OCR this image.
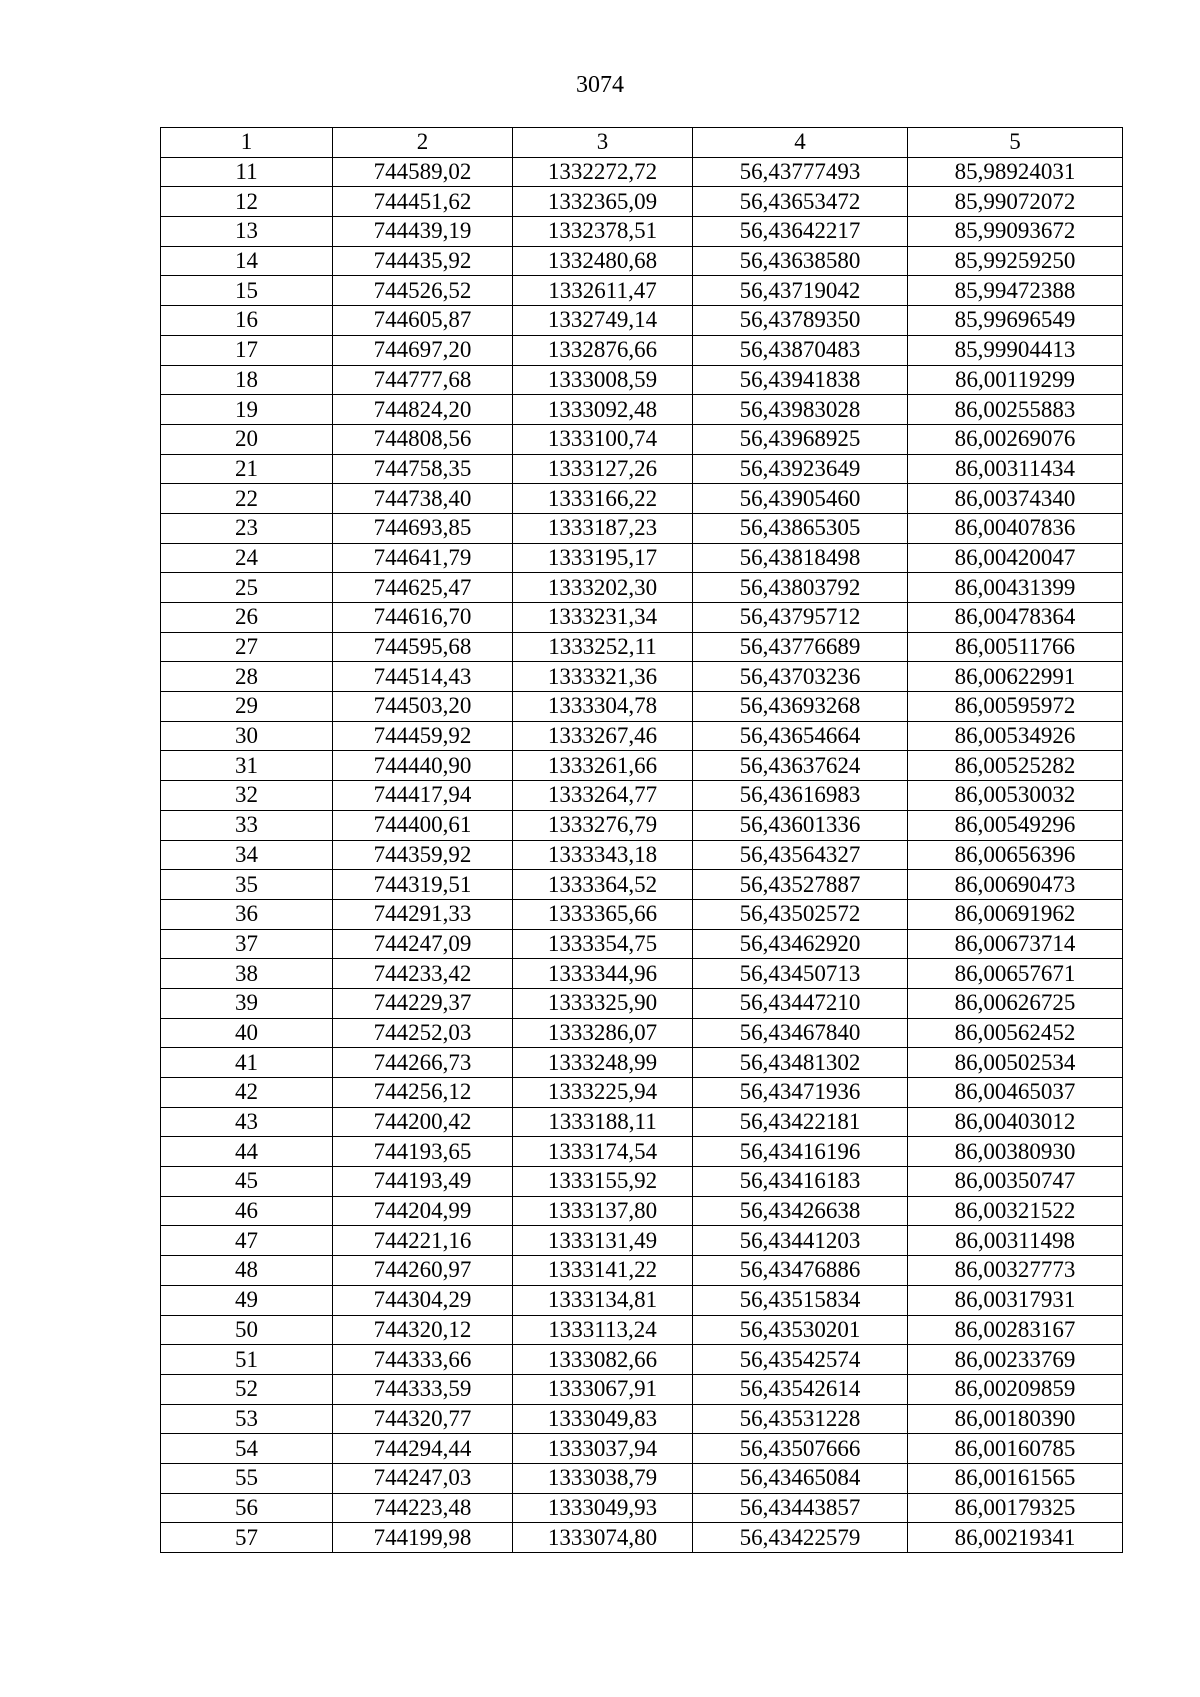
3074
1	2	3	4	5
11	744589,02	1332272,72	56,43777493	85,98924031
12	744451,62	1332365,09	56,43653472	85,99072072
13	744439,19	1332378,51	56,43642217	85,99093672
14	744435,92	1332480,68	56,43638580	85,99259250
15	744526,52	1332611,47	56,43719042	85,99472388
16	744605,87	1332749,14	56,43789350	85,99696549
17	744697,20	1332876,66	56,43870483	85,99904413
18	744777,68	1333008,59	56,43941838	86,00119299
19	744824,20	1333092,48	56,43983028	86,00255883
20	744808,56	1333100,74	56,43968925	86,00269076
21	744758,35	1333127,26	56,43923649	86,00311434
22	744738,40	1333166,22	56,43905460	86,00374340
23	744693,85	1333187,23	56,43865305	86,00407836
24	744641,79	1333195,17	56,43818498	86,00420047
25	744625,47	1333202,30	56,43803792	86,00431399
26	744616,70	1333231,34	56,43795712	86,00478364
27	744595,68	1333252,11	56,43776689	86,00511766
28	744514,43	1333321,36	56,43703236	86,00622991
29	744503,20	1333304,78	56,43693268	86,00595972
30	744459,92	1333267,46	56,43654664	86,00534926
31	744440,90	1333261,66	56,43637624	86,00525282
32	744417,94	1333264,77	56,43616983	86,00530032
33	744400,61	1333276,79	56,43601336	86,00549296
34	744359,92	1333343,18	56,43564327	86,00656396
35	744319,51	1333364,52	56,43527887	86,00690473
36	744291,33	1333365,66	56,43502572	86,00691962
37	744247,09	1333354,75	56,43462920	86,00673714
38	744233,42	1333344,96	56,43450713	86,00657671
39	744229,37	1333325,90	56,43447210	86,00626725
40	744252,03	1333286,07	56,43467840	86,00562452
41	744266,73	1333248,99	56,43481302	86,00502534
42	744256,12	1333225,94	56,43471936	86,00465037
43	744200,42	1333188,11	56,43422181	86,00403012
44	744193,65	1333174,54	56,43416196	86,00380930
45	744193,49	1333155,92	56,43416183	86,00350747
46	744204,99	1333137,80	56,43426638	86,00321522
47	744221,16	1333131,49	56,43441203	86,00311498
48	744260,97	1333141,22	56,43476886	86,00327773
49	744304,29	1333134,81	56,43515834	86,00317931
50	744320,12	1333113,24	56,43530201	86,00283167
51	744333,66	1333082,66	56,43542574	86,00233769
52	744333,59	1333067,91	56,43542614	86,00209859
53	744320,77	1333049,83	56,43531228	86,00180390
54	744294,44	1333037,94	56,43507666	86,00160785
55	744247,03	1333038,79	56,43465084	86,00161565
56	744223,48	1333049,93	56,43443857	86,00179325
57	744199,98	1333074,80	56,43422579	86,00219341
